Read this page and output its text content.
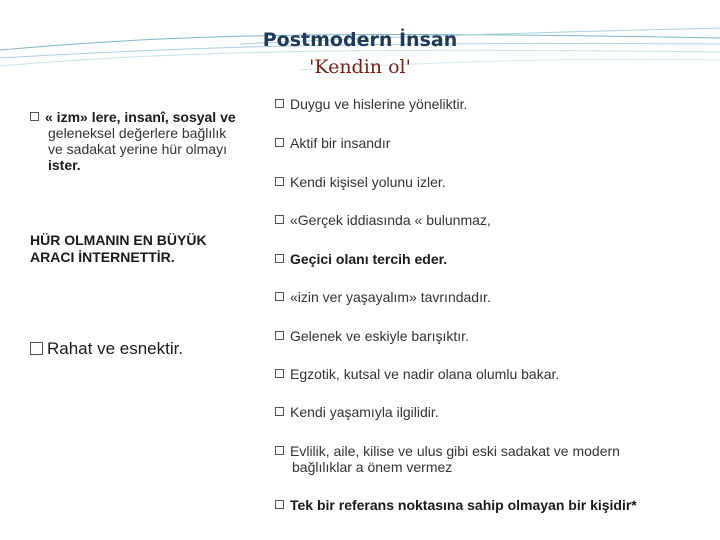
Postmodern İnsan
'Kendin ol'
« izm» lere, insanî, sosyal ve
geleneksel değerlere bağlılık
ve sadakat yerine hür olmayı
ister.
HÜR OLMANIN EN BÜYÜK
ARACI İNTERNETTİR.
Rahat ve esnektir.
Duygu ve hislerine yöneliktir.
Aktif bir insandır
Kendi kişisel yolunu izler.
«Gerçek iddiasında « bulunmaz,
Geçici olanı tercih eder.
«izin ver yaşayalım» tavrındadır.
Gelenek ve eskiyle barışıktır.
Egzotik, kutsal ve nadir olana olumlu bakar.
Kendi yaşamıyla ilgilidir.
Evlilik, aile, kilise ve ulus gibi eski sadakat ve modern
bağlılıklar a önem vermez
Tek bir referans noktasına sahip olmayan bir kişidir*
